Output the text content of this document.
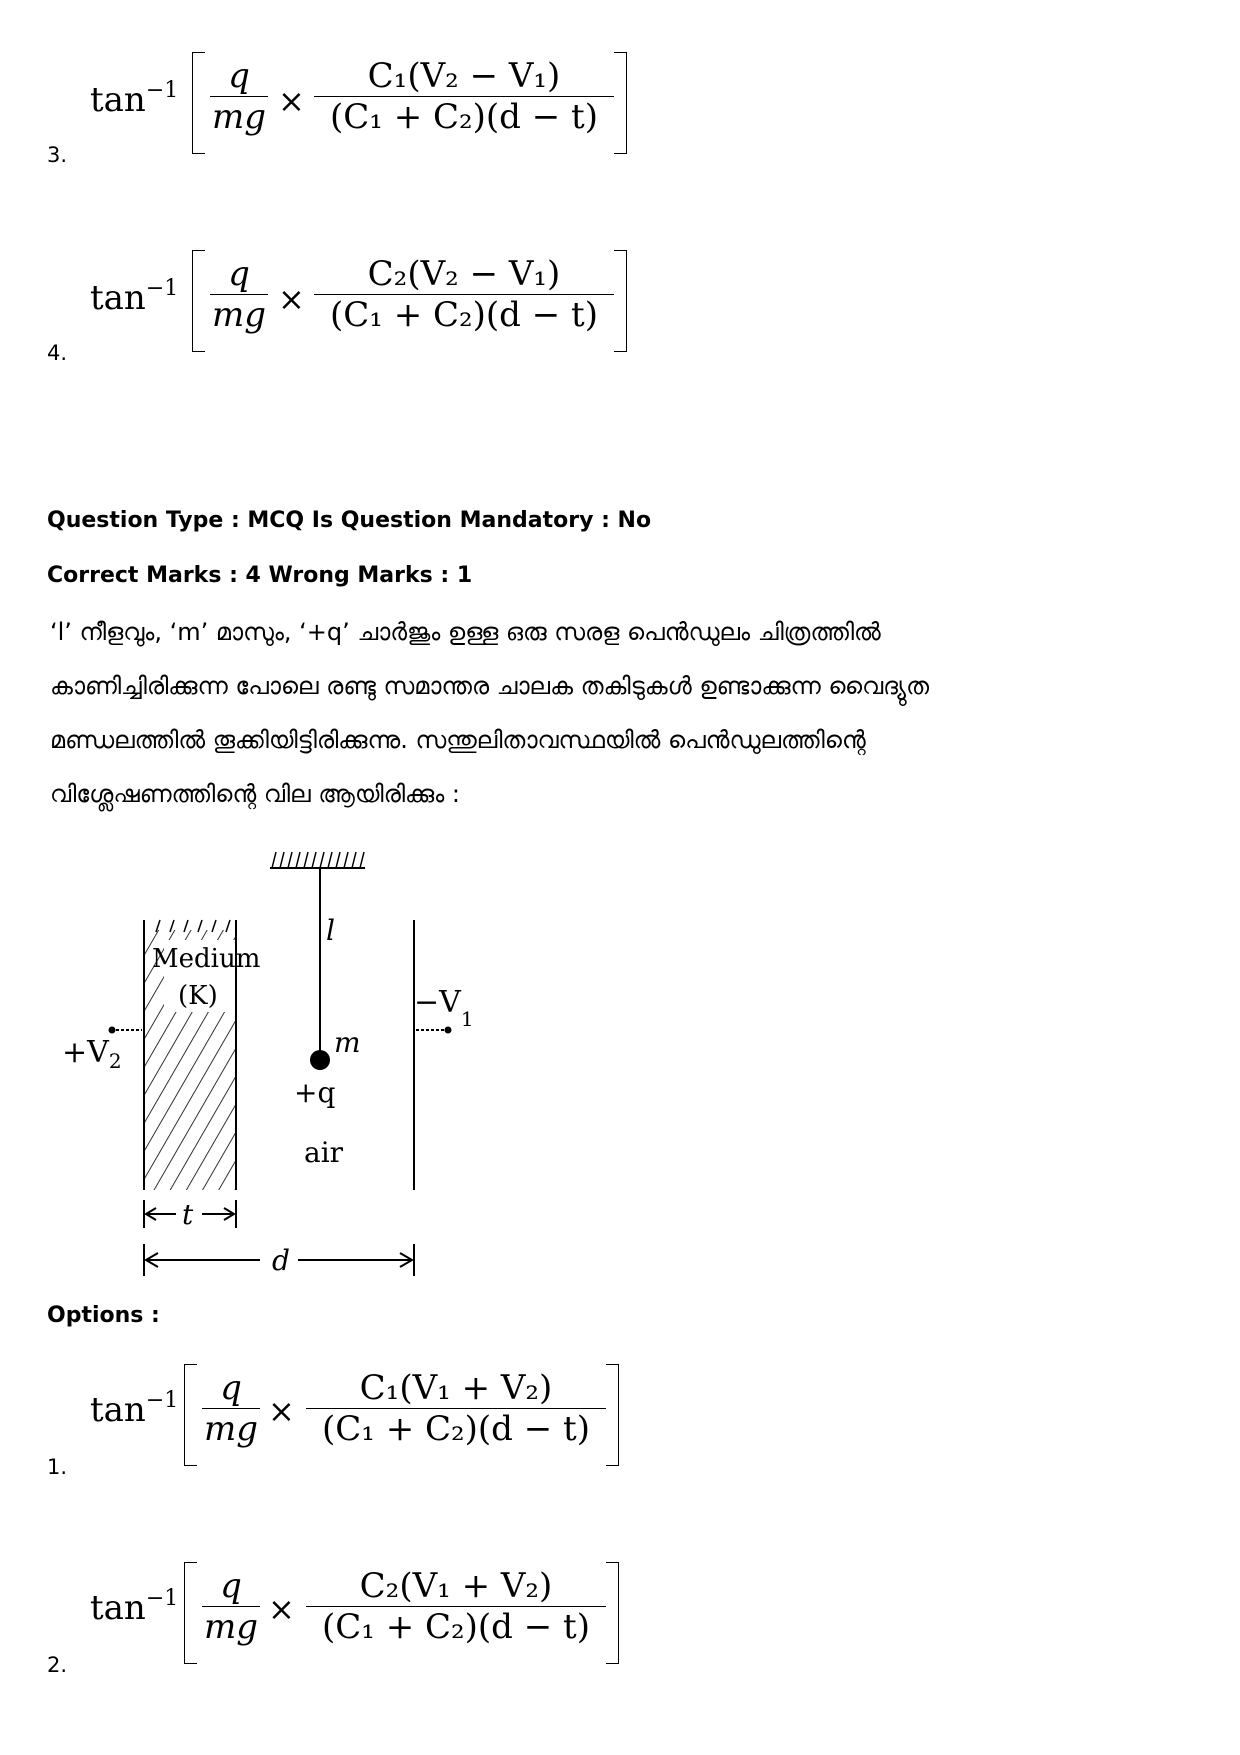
$\tan^{-1}$	q
mg ×
C₁(V₂ − V₁)
(C₁ + C₂)(d − t)
3.
$\tan^{-1}$	q
mg ×
C₂(V₂ − V₁)
(C₁ + C₂)(d − t)
4.
Question Type : MCQ Is Question Mandatory : No
Correct Marks : 4 Wrong Marks : 1
‘l’ നീളവും, ‘m’ മാസും, ‘+q’ ചാർജും ഉള്ള ഒരു സരള പെൻഡുലം ചിത്രത്തിൽ
കാണിച്ചിരിക്കുന്ന പോലെ രണ്ടു സമാന്തര ചാലക തകിടുകൾ ഉണ്ടാക്കുന്ന വൈദ്യുത
മണ്ഡലത്തിൽ തൂക്കിയിട്ടിരിക്കുന്നു. സന്തുലിതാവസ്ഥയിൽ പെൻഡുലത്തിന്റെ
വിശ്ലേഷണത്തിന്റെ വില ആയിരിക്കും :
Medium
(K)
$+V_2$
$-V_1$
l
m
+q
air
t
d
Options :
$\tan^{-1}$	q
mg ×
C₁(V₁ + V₂)
(C₁ + C₂)(d − t)
1.
$\tan^{-1}$	q
mg ×
C₂(V₁ + V₂)
(C₁ + C₂)(d − t)
2.
